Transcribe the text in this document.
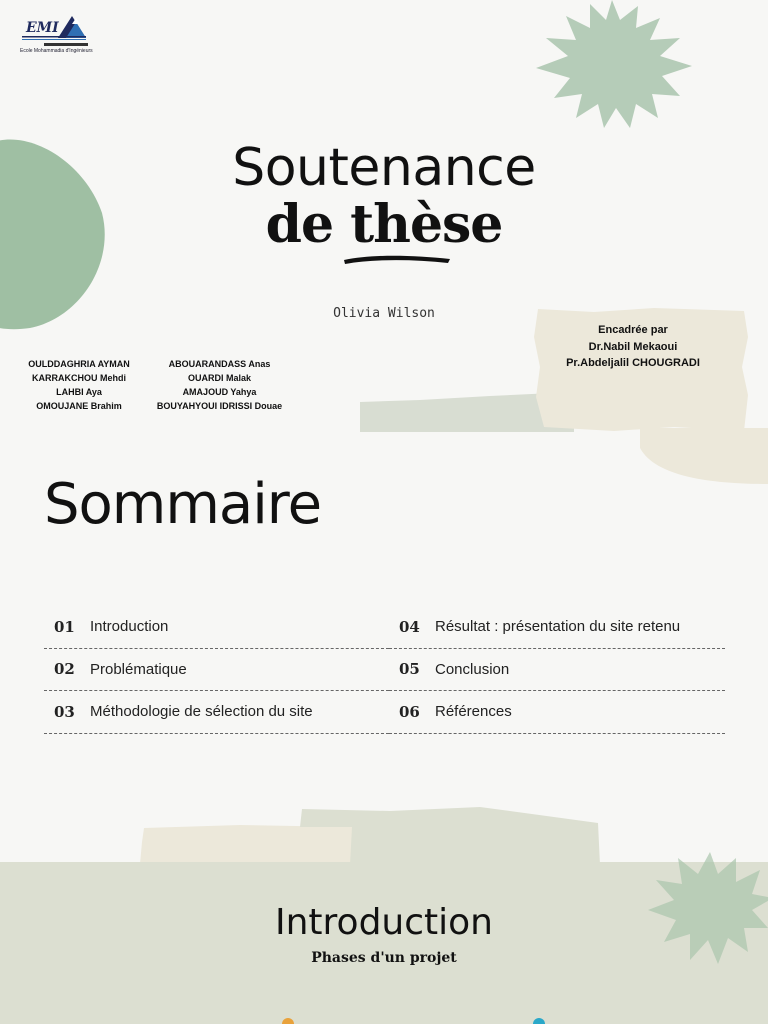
EMI
Ecole Mohammadia d'Ingénieurs
Soutenance
de thèse
Olivia Wilson
OULDDAGHRIA AYMAN
KARRAKCHOU Mehdi
LAHBI Aya
OMOUJANE Brahim
ABOUARANDASS Anas
OUARDI Malak
AMAJOUD Yahya
BOUYAHYOUI IDRISSI Douae
Encadrée par
Dr.Nabil Mekaoui
Pr.Abdeljalil CHOUGRADI
Sommaire
01	Introduction	04	Résultat : présentation du site retenu
02	Problématique	05	Conclusion
03	Méthodologie de sélection du site	06	Références
Introduction
Phases d'un projet
